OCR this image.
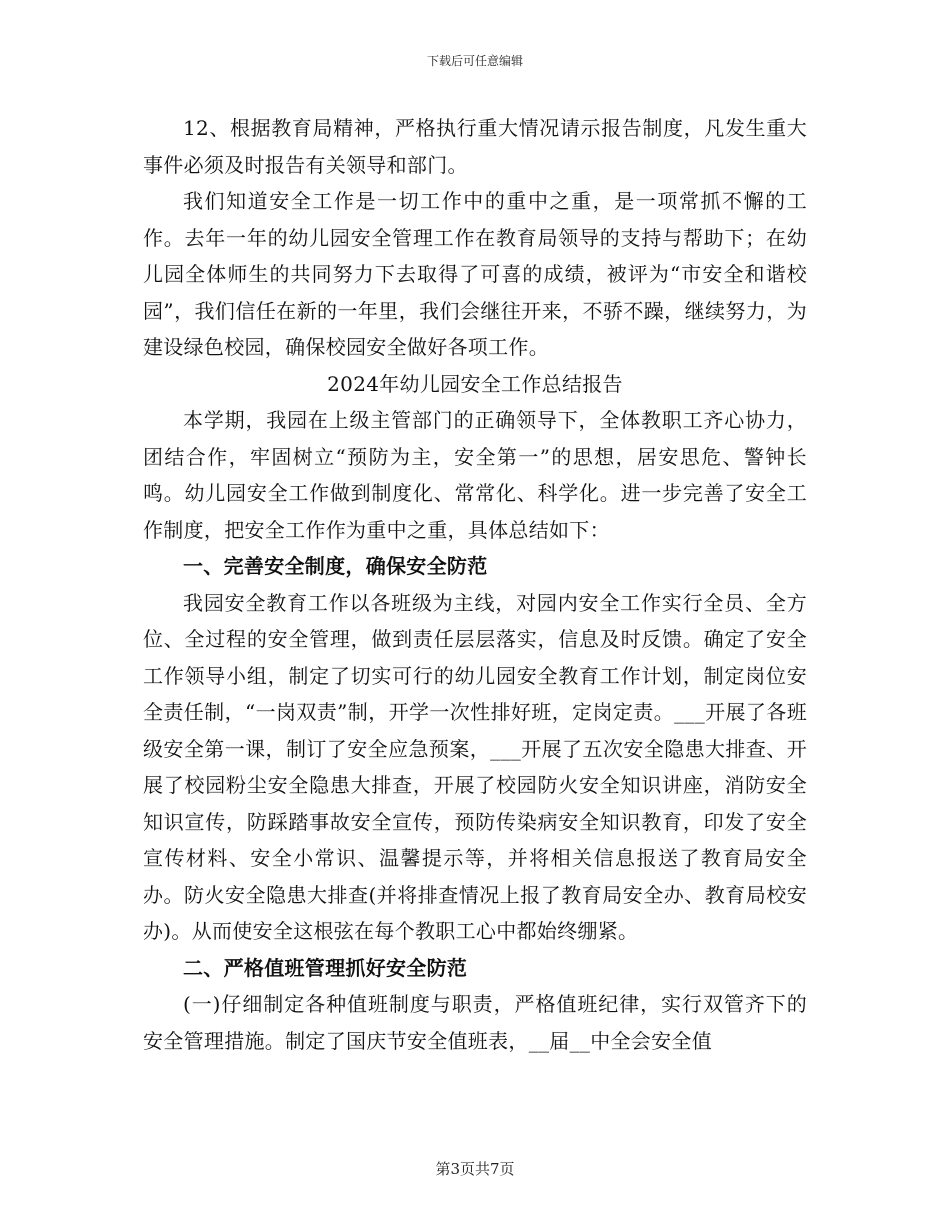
下载后可任意编辑

12、根据教育局精神，严格执行重大情况请示报告制度，凡发生重大事件必须及时报告有关领导和部门。

我们知道安全工作是一切工作中的重中之重，是一项常抓不懈的工作。去年一年的幼儿园安全管理工作在教育局领导的支持与帮助下；在幼儿园全体师生的共同努力下去取得了可喜的成绩，被评为“市安全和谐校园”，我们信任在新的一年里，我们会继往开来，不骄不躁，继续努力，为建设绿色校园，确保校园安全做好各项工作。

2024年幼儿园安全工作总结报告

本学期，我园在上级主管部门的正确领导下，全体教职工齐心协力，团结合作，牢固树立“预防为主，安全第一”的思想，居安思危、警钟长鸣。幼儿园安全工作做到制度化、常常化、科学化。进一步完善了安全工作制度，把安全工作作为重中之重，具体总结如下：

一、完善安全制度，确保安全防范

我园安全教育工作以各班级为主线，对园内安全工作实行全员、全方位、全过程的安全管理，做到责任层层落实，信息及时反馈。确定了安全工作领导小组，制定了切实可行的幼儿园安全教育工作计划，制定岗位安全责任制，“一岗双责”制，开学一次性排好班，定岗定责。___开展了各班级安全第一课，制订了安全应急预案，___开展了五次安全隐患大排查、开展了校园粉尘安全隐患大排查，开展了校园防火安全知识讲座，消防安全知识宣传，防踩踏事故安全宣传，预防传染病安全知识教育，印发了安全宣传材料、安全小常识、温馨提示等，并将相关信息报送了教育局安全办。防火安全隐患大排查(并将排查情况上报了教育局安全办、教育局校安办)。从而使安全这根弦在每个教职工心中都始终绷紧。

二、严格值班管理抓好安全防范

(一)仔细制定各种值班制度与职责，严格值班纪律，实行双管齐下的安全管理措施。制定了国庆节安全值班表，__届__中全会安全值

第3页共7页
